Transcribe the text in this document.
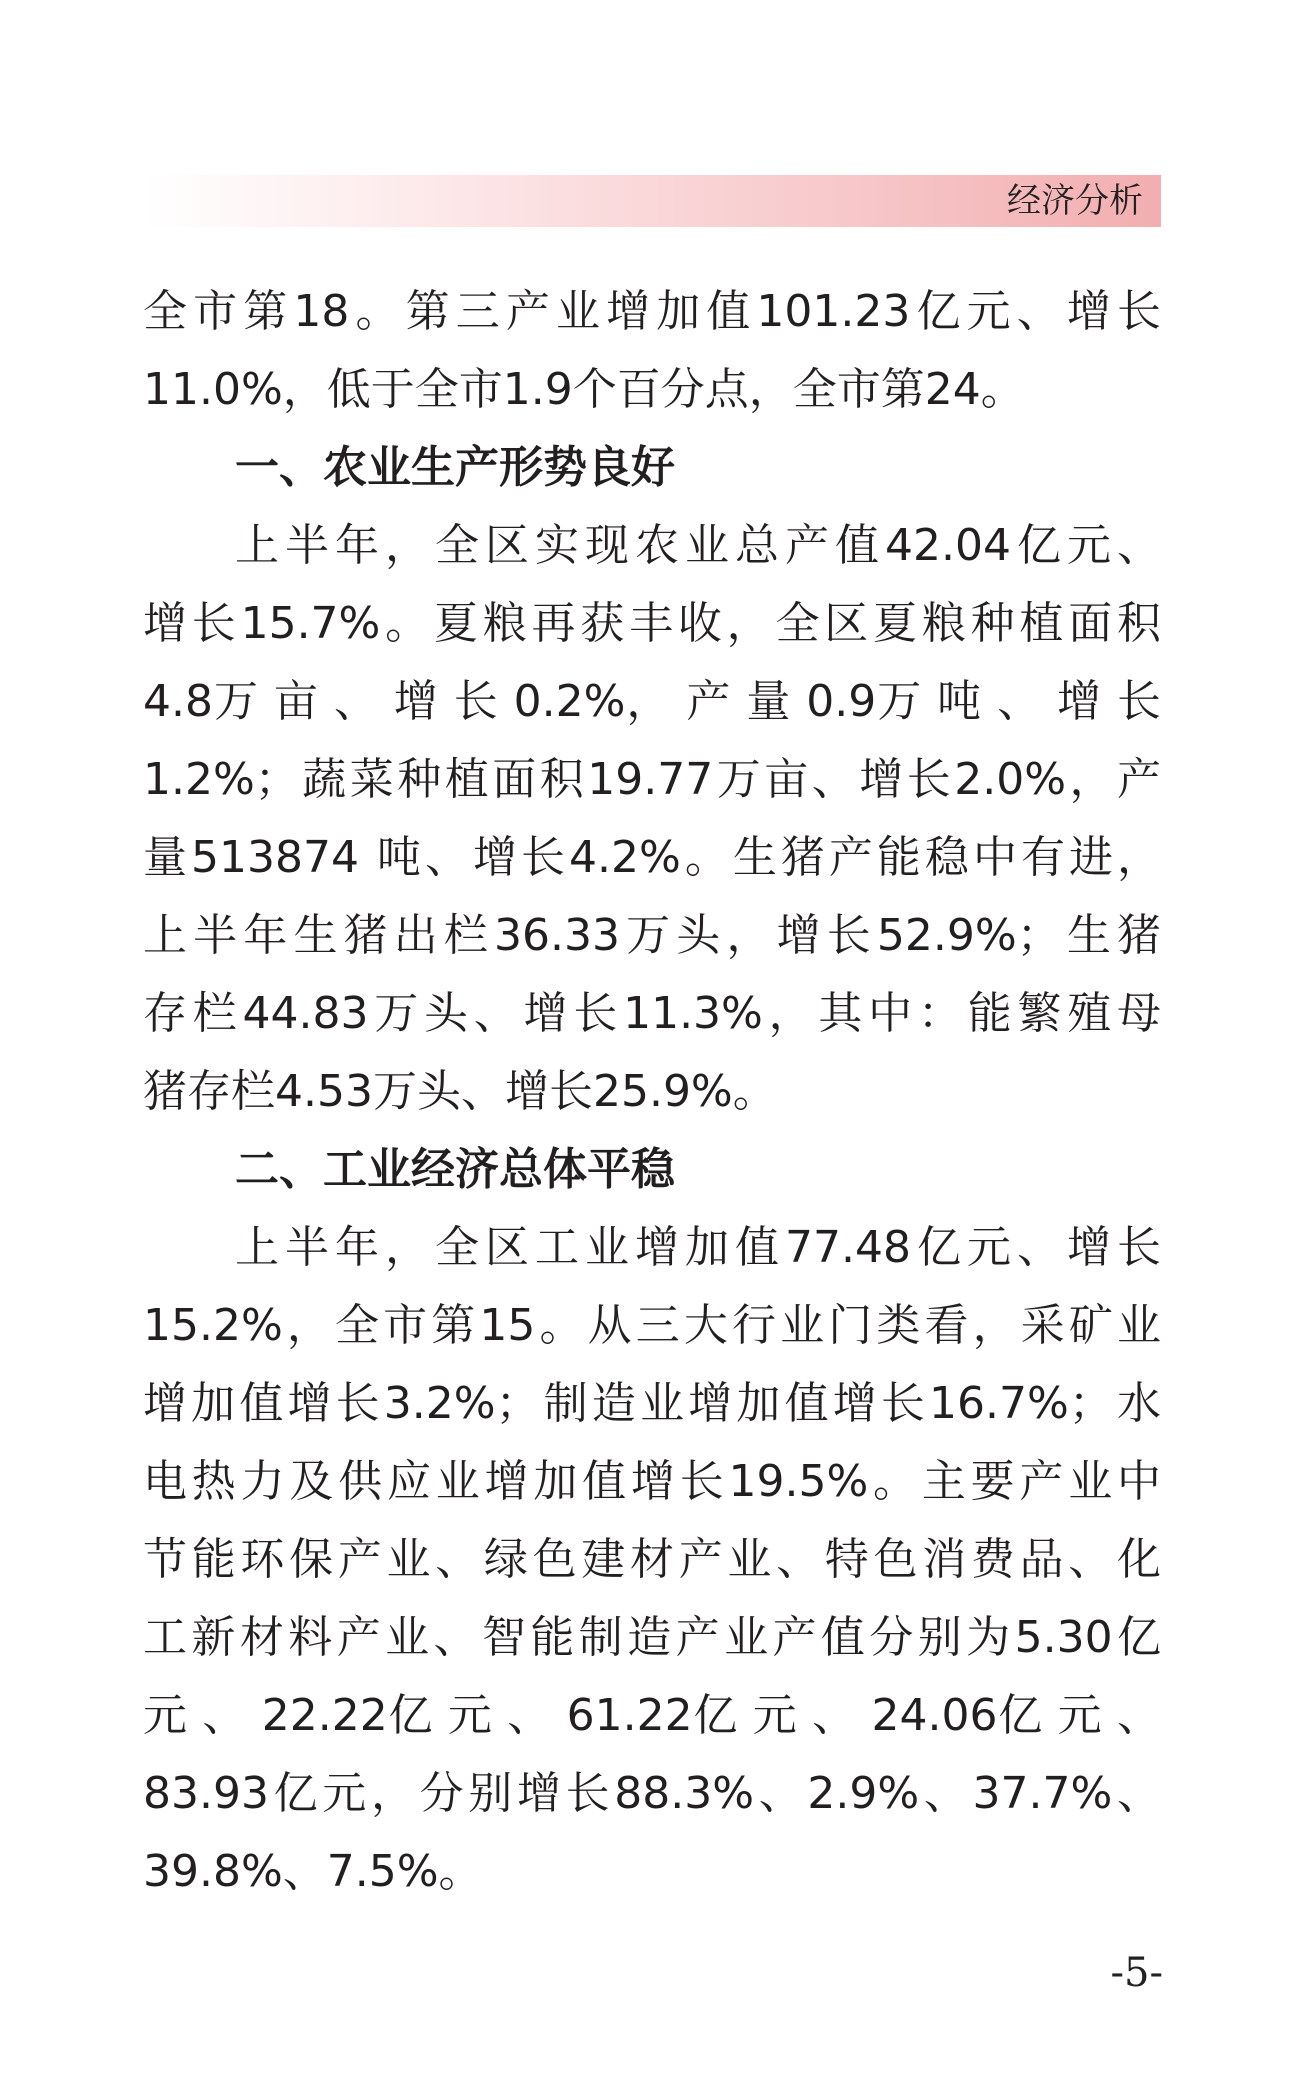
经济分析
全市第18。第三产业增加值101.23亿元、增长
11.0%，低于全市1.9个百分点，全市第24。
一、农业生产形势良好
上半年，全区实现农业总产值42.04亿元、
增长15.7%。夏粮再获丰收，全区夏粮种植面积
4.8万 亩 、 增 长 0.2%， 产 量 0.9万 吨 、 增 长
1.2%；蔬菜种植面积19.77万亩、增长2.0%，产
量513874 吨、增长4.2%。生猪产能稳中有进，
上半年生猪出栏36.33万头，增长52.9%；生猪
存栏44.83万头、增长11.3%，其中：能繁殖母
猪存栏4.53万头、增长25.9%。
二、工业经济总体平稳
上半年，全区工业增加值77.48亿元、增长
15.2%，全市第15。从三大行业门类看，采矿业
增加值增长3.2%；制造业增加值增长16.7%；水
电热力及供应业增加值增长19.5%。主要产业中
节能环保产业、绿色建材产业、特色消费品、化
工新材料产业、智能制造产业产值分别为5.30亿
元 、 22.22亿 元 、 61.22亿 元 、 24.06亿 元 、
83.93亿元，分别增长88.3%、2.9%、37.7%、
39.8%、7.5%。
-5-
